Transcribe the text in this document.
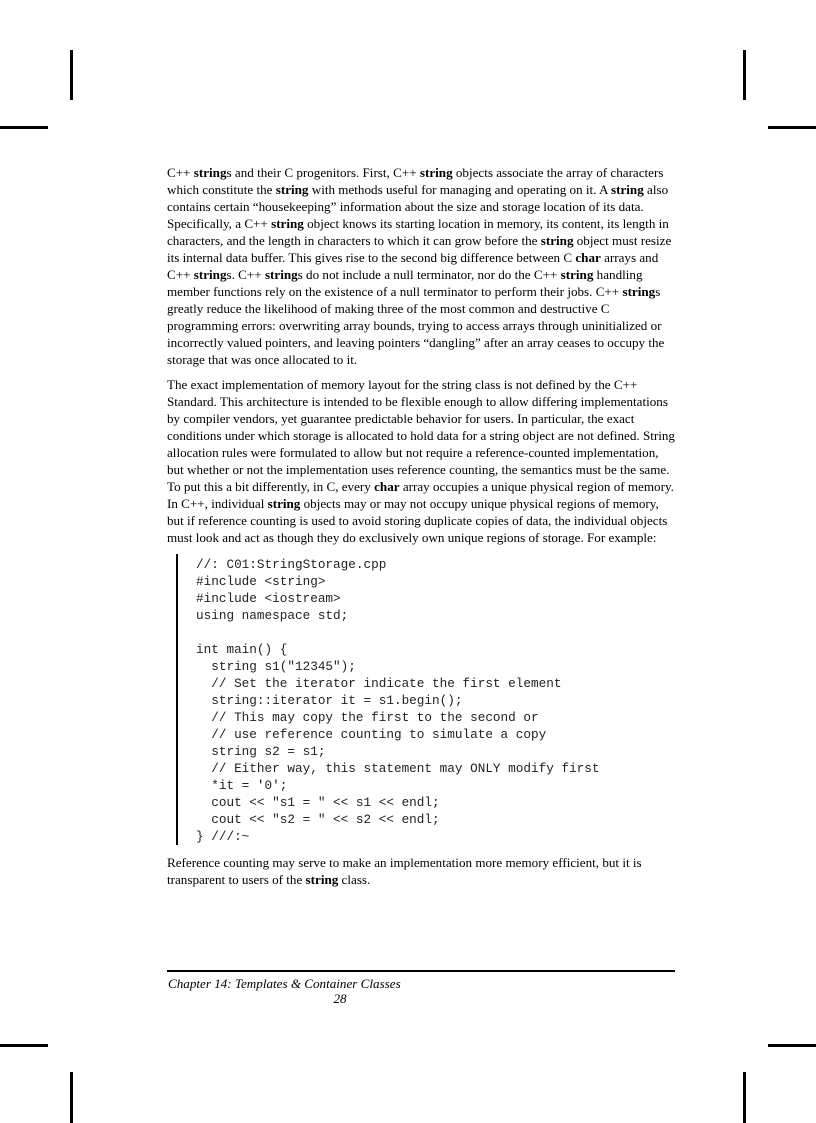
C++ strings and their C progenitors. First, C++ string objects associate the array of characters which constitute the string with methods useful for managing and operating on it. A string also contains certain “housekeeping” information about the size and storage location of its data. Specifically, a C++ string object knows its starting location in memory, its content, its length in characters, and the length in characters to which it can grow before the string object must resize its internal data buffer. This gives rise to the second big difference between C char arrays and C++ strings. C++ strings do not include a null terminator, nor do the C++ string handling member functions rely on the existence of a null terminator to perform their jobs. C++ strings greatly reduce the likelihood of making three of the most common and destructive C programming errors: overwriting array bounds, trying to access arrays through uninitialized or incorrectly valued pointers, and leaving pointers “dangling” after an array ceases to occupy the storage that was once allocated to it.

The exact implementation of memory layout for the string class is not defined by the C++ Standard. This architecture is intended to be flexible enough to allow differing implementations by compiler vendors, yet guarantee predictable behavior for users. In particular, the exact conditions under which storage is allocated to hold data for a string object are not defined. String allocation rules were formulated to allow but not require a reference-counted implementation, but whether or not the implementation uses reference counting, the semantics must be the same. To put this a bit differently, in C, every char array occupies a unique physical region of memory. In C++, individual string objects may or may not occupy unique physical regions of memory, but if reference counting is used to avoid storing duplicate copies of data, the individual objects must look and act as though they do exclusively own unique regions of storage. For example:

//: C01:StringStorage.cpp
#include <string>
#include <iostream>
using namespace std;

int main() {
string s1("12345");
// Set the iterator indicate the first element
string::iterator it = s1.begin();
// This may copy the first to the second or
// use reference counting to simulate a copy
string s2 = s1;
// Either way, this statement may ONLY modify first
*it = '0';
cout << "s1 = " << s1 << endl;
cout << "s2 = " << s2 << endl;
} ///:~

Reference counting may serve to make an implementation more memory efficient, but it is transparent to users of the string class.

Chapter 14: Templates & Container Classes
28
